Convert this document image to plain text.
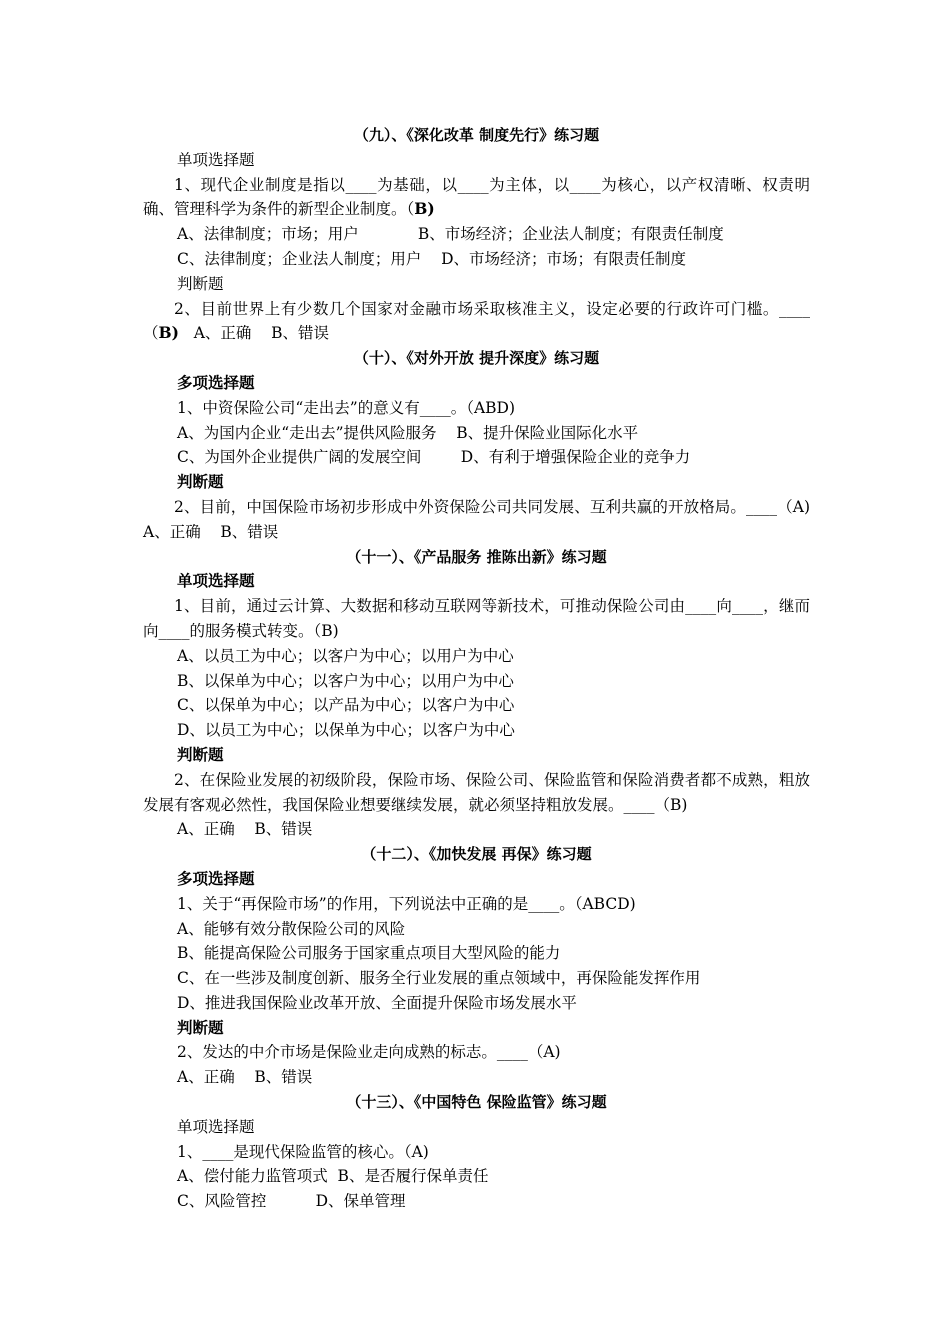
（九）、《深化改革 制度先行》练习题

单项选择题

1、现代企业制度是指以____为基础，以____为主体，以____为核心，以产权清晰、权责明确、管理科学为条件的新型企业制度。（B)

A、法律制度；市场；用户            B、市场经济；企业法人制度；有限责任制度

C、法律制度；企业法人制度；用户    D、市场经济；市场；有限责任制度

判断题

2、目前世界上有少数几个国家对金融市场采取核准主义，设定必要的行政许可门槛。____（B)   A、正确    B、错误

（十）、《对外开放 提升深度》练习题

多项选择题

1、中资保险公司“走出去”的意义有____。（ABD)

A、为国内企业“走出去”提供风险服务    B、提升保险业国际化水平

C、为国外企业提供广阔的发展空间        D、有利于增强保险企业的竞争力

判断题

2、目前，中国保险市场初步形成中外资保险公司共同发展、互利共赢的开放格局。____（A)    A、正确    B、错误

（十一）、《产品服务 推陈出新》练习题

单项选择题

1、目前，通过云计算、大数据和移动互联网等新技术，可推动保险公司由____向____，继而向____的服务模式转变。（B)

A、以员工为中心；以客户为中心；以用户为中心

B、以保单为中心；以客户为中心；以用户为中心

C、以保单为中心；以产品为中心；以客户为中心

D、以员工为中心；以保单为中心；以客户为中心

判断题

2、在保险业发展的初级阶段，保险市场、保险公司、保险监管和保险消费者都不成熟，粗放发展有客观必然性，我国保险业想要继续发展，就必须坚持粗放发展。____（B)

A、正确    B、错误

（十二）、《加快发展 再保》练习题

多项选择题

1、关于“再保险市场”的作用，下列说法中正确的是____。（ABCD)

A、能够有效分散保险公司的风险

B、能提高保险公司服务于国家重点项目大型风险的能力

C、在一些涉及制度创新、服务全行业发展的重点领域中，再保险能发挥作用

D、推进我国保险业改革开放、全面提升保险市场发展水平

判断题

2、发达的中介市场是保险业走向成熟的标志。____（A)

A、正确    B、错误

（十三）、《中国特色 保险监管》练习题

单项选择题

1、____是现代保险监管的核心。（A)

A、偿付能力监管项式  B、是否履行保单责任

C、风险管控          D、保单管理
